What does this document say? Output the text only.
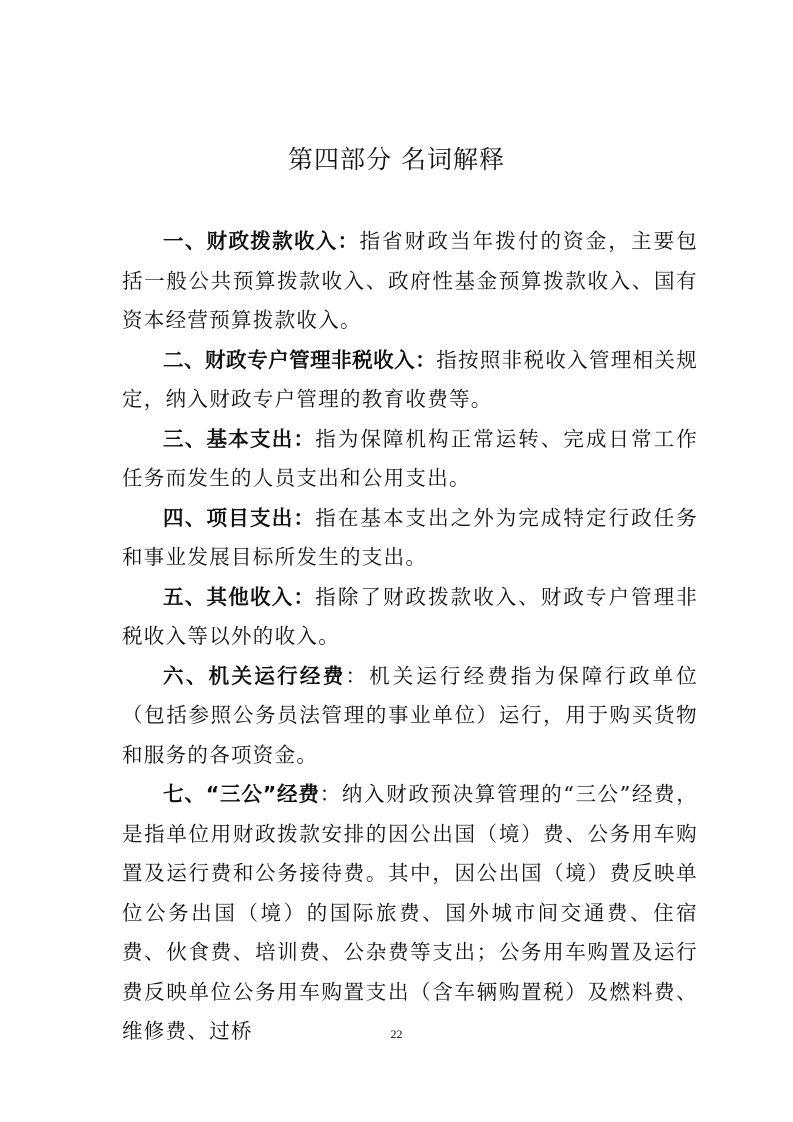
第四部分 名词解释

一、财政拨款收入：指省财政当年拨付的资金，主要包括一般公共预算拨款收入、政府性基金预算拨款收入、国有资本经营预算拨款收入。

二、财政专户管理非税收入：指按照非税收入管理相关规定，纳入财政专户管理的教育收费等。

三、基本支出：指为保障机构正常运转、完成日常工作任务而发生的人员支出和公用支出。

四、项目支出：指在基本支出之外为完成特定行政任务和事业发展目标所发生的支出。

五、其他收入：指除了财政拨款收入、财政专户管理非税收入等以外的收入。

六、机关运行经费：机关运行经费指为保障行政单位（包括参照公务员法管理的事业单位）运行，用于购买货物和服务的各项资金。

七、“三公”经费：纳入财政预决算管理的“三公”经费，是指单位用财政拨款安排的因公出国（境）费、公务用车购置及运行费和公务接待费。其中，因公出国（境）费反映单位公务出国（境）的国际旅费、国外城市间交通费、住宿费、伙食费、培训费、公杂费等支出；公务用车购置及运行费反映单位公务用车购置支出（含车辆购置税）及燃料费、维修费、过桥	22
